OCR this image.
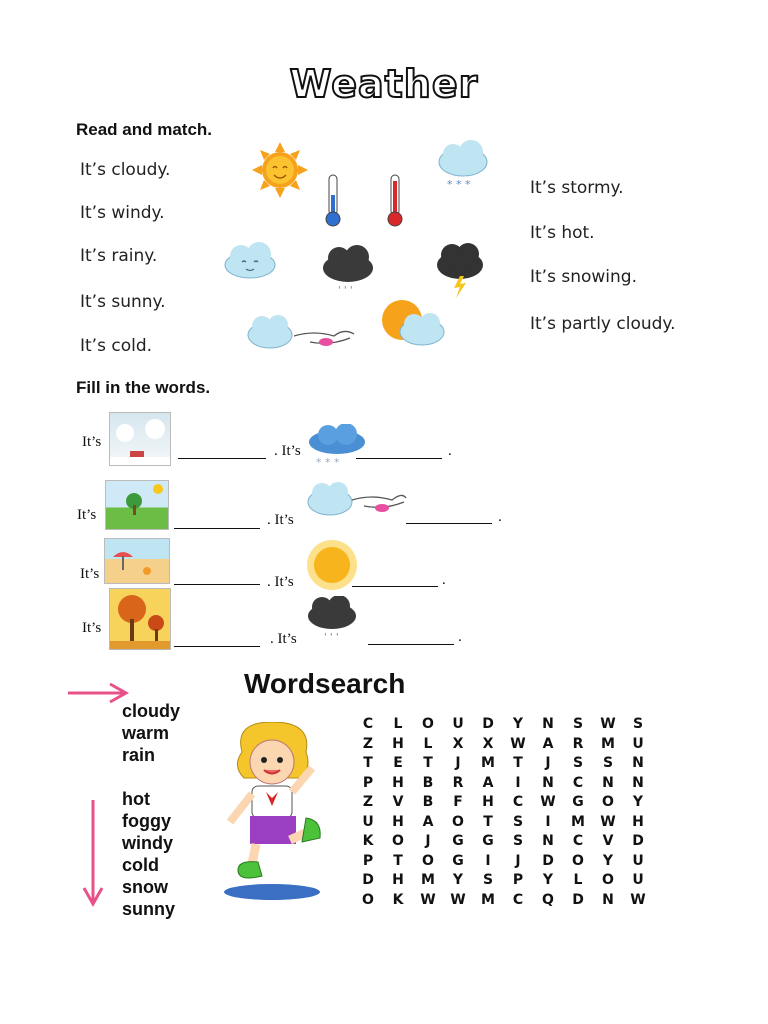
Weather
Read and match.
It’s cloudy.
It’s windy.
It’s rainy.
It’s sunny.
It’s cold.
It’s stormy.
It’s hot.
It’s snowing.
It’s partly cloudy.
* * *
' ' '
Fill in the words.
It’s
. It’s
* * *
.
It’s	. It’s	.
It’s	. It’s	.
It’s
. It’s	' ' '	.
Wordsearch
cloudy
warm
rain
hot
foggy
windy
cold
snow
sunny
C	L	O	U	D	Y	N	S	W	S
Z	H	L	X	X	W	A	R	M	U
T	E	T	J	M	T	J	S	S	N
P	H	B	R	A	I	N	C	N	N
Z	V	B	F	H	C	W	G	O	Y
U	H	A	O	T	S	I	M	W	H
K	O	J	G	G	S	N	C	V	D
P	T	O	G	I	J	D	O	Y	U
D	H	M	Y	S	P	Y	L	O	U
O	K	W	W	M	C	Q	D	N	W
